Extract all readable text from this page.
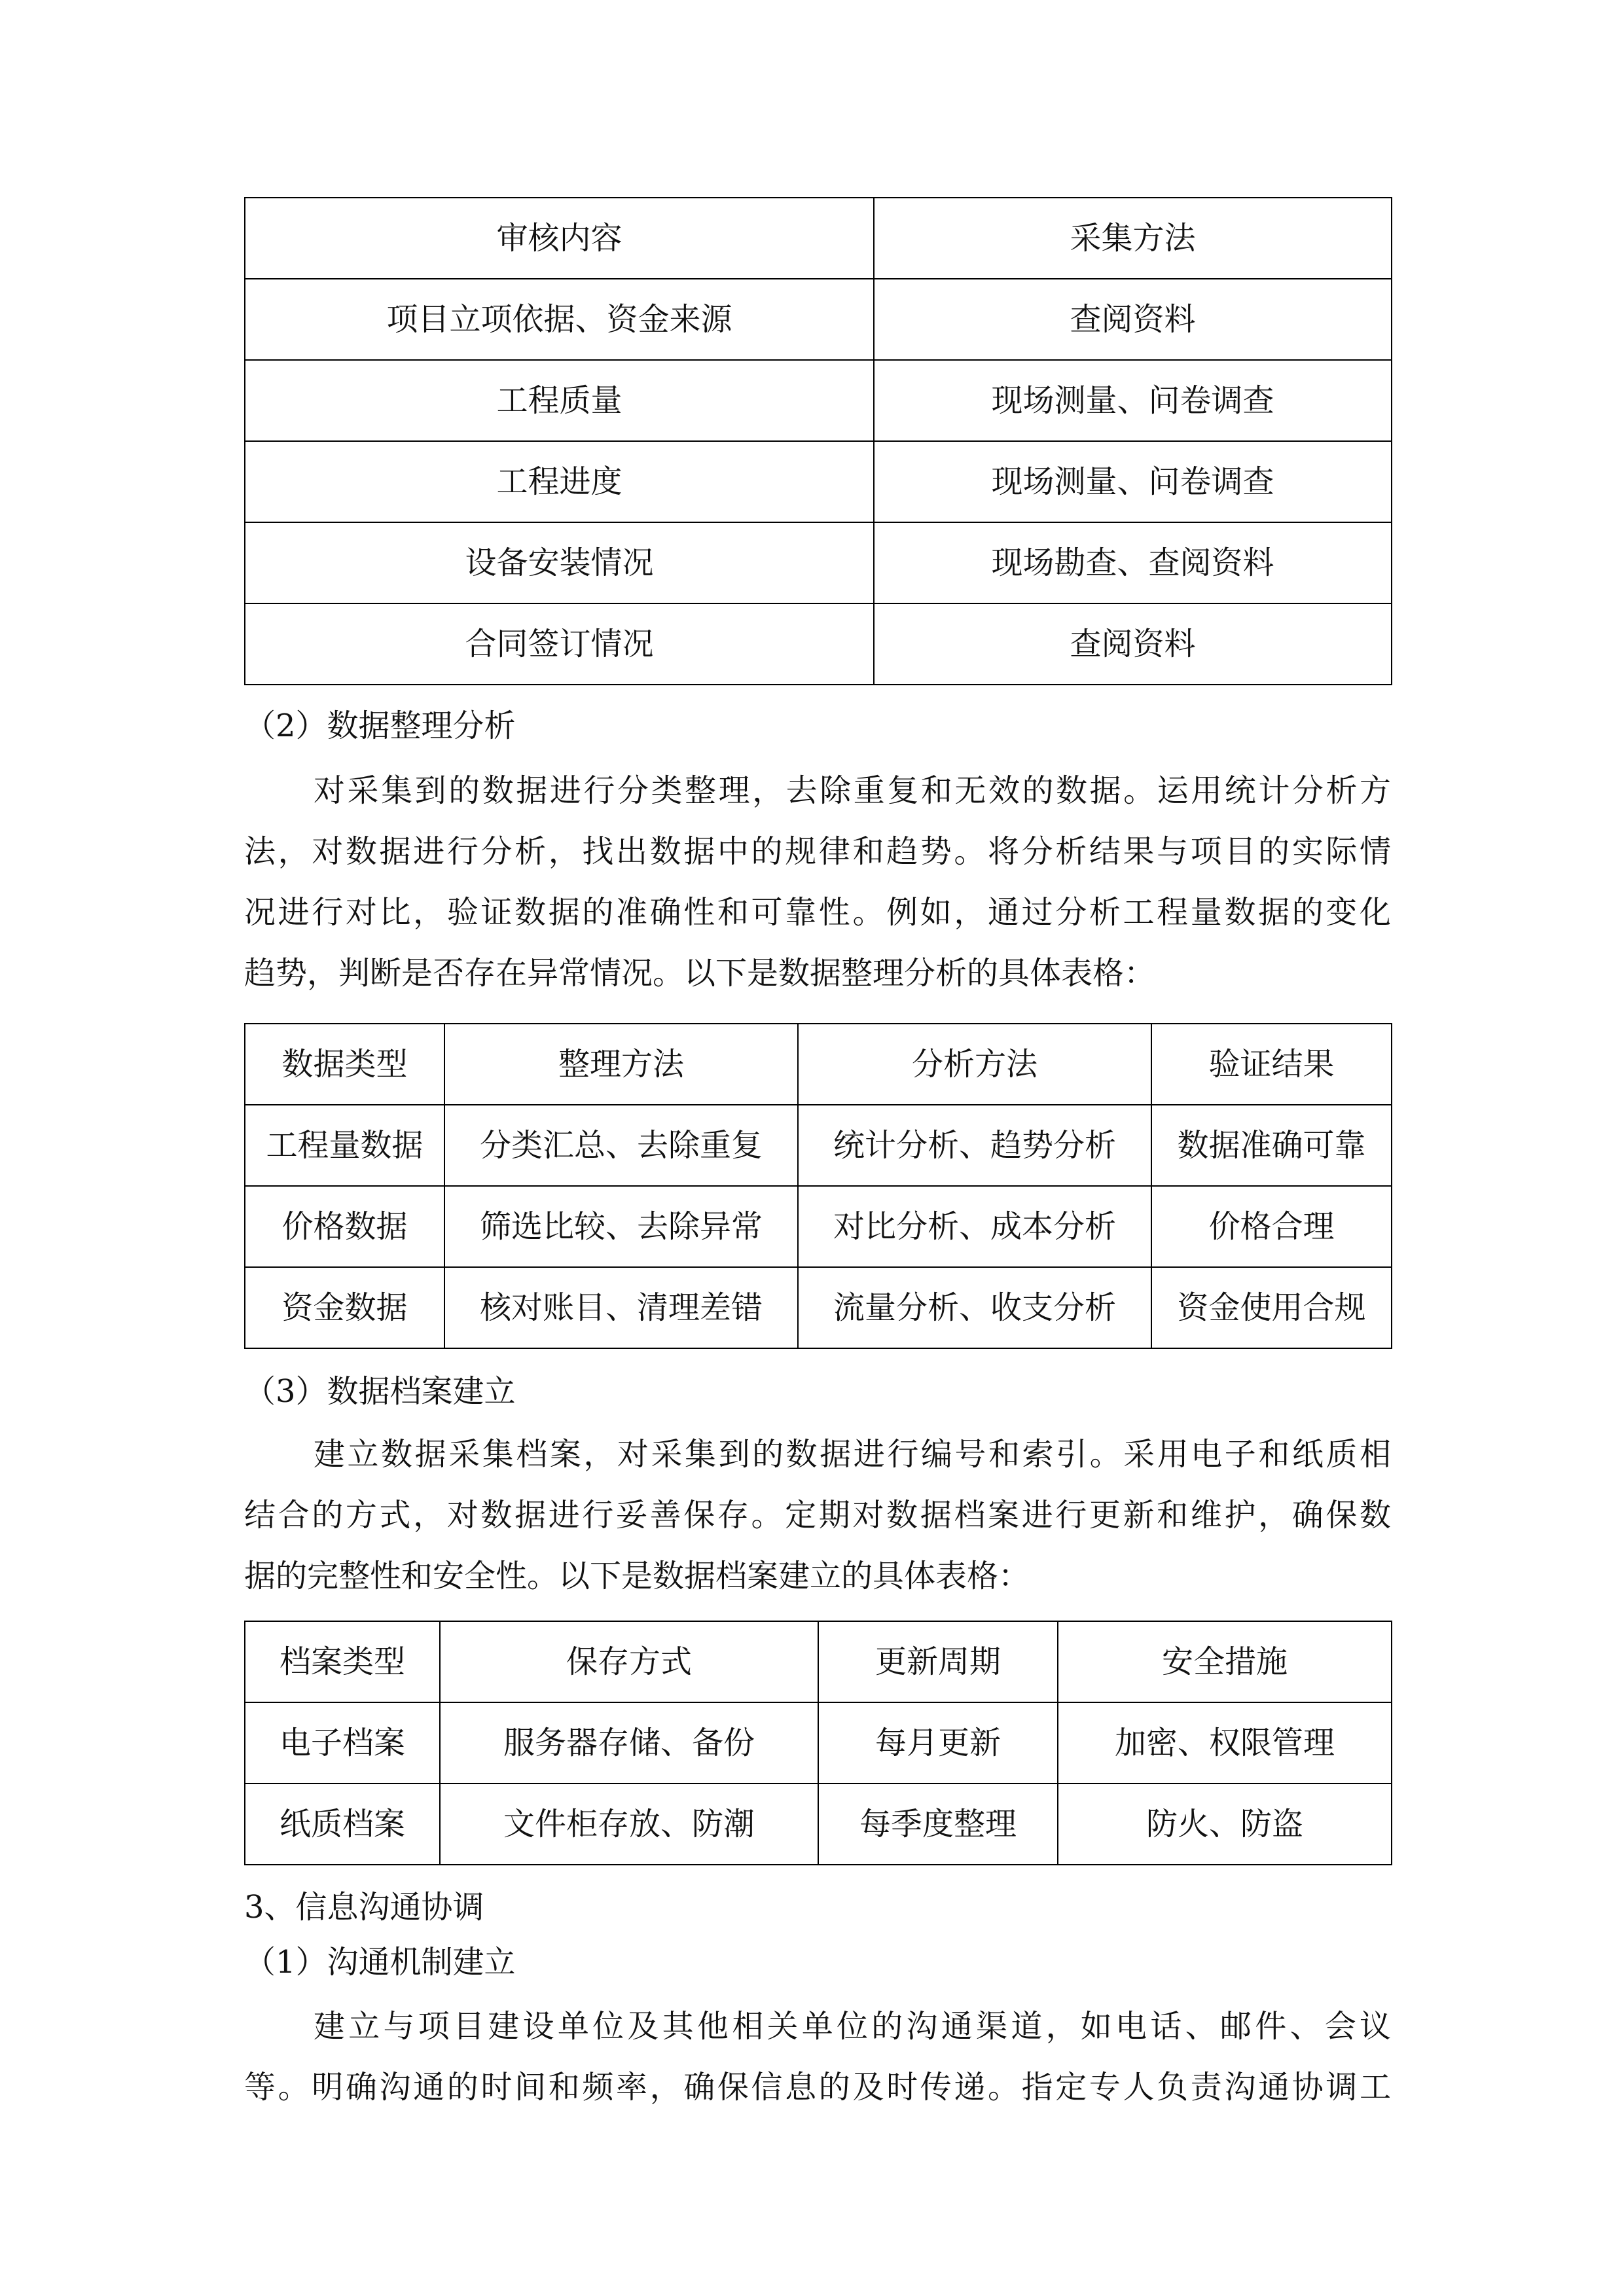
审核内容	采集方法
项目立项依据、资金来源	查阅资料
工程质量	现场测量、问卷调查
工程进度	现场测量、问卷调查
设备安装情况	现场勘查、查阅资料
合同签订情况	查阅资料
（2）数据整理分析
对采集到的数据进行分类整理，去除重复和无效的数据。运用统计分析方
法，对数据进行分析，找出数据中的规律和趋势。将分析结果与项目的实际情
况进行对比，验证数据的准确性和可靠性。例如，通过分析工程量数据的变化
趋势，判断是否存在异常情况。以下是数据整理分析的具体表格：
数据类型	整理方法	分析方法	验证结果
工程量数据	分类汇总、去除重复	统计分析、趋势分析	数据准确可靠
价格数据	筛选比较、去除异常	对比分析、成本分析	价格合理
资金数据	核对账目、清理差错	流量分析、收支分析	资金使用合规
（3）数据档案建立
建立数据采集档案，对采集到的数据进行编号和索引。采用电子和纸质相
结合的方式，对数据进行妥善保存。定期对数据档案进行更新和维护，确保数
据的完整性和安全性。以下是数据档案建立的具体表格：
档案类型	保存方式	更新周期	安全措施
电子档案	服务器存储、备份	每月更新	加密、权限管理
纸质档案	文件柜存放、防潮	每季度整理	防火、防盗
3、信息沟通协调
（1）沟通机制建立
建立与项目建设单位及其他相关单位的沟通渠道，如电话、邮件、会议
等。明确沟通的时间和频率，确保信息的及时传递。指定专人负责沟通协调工
